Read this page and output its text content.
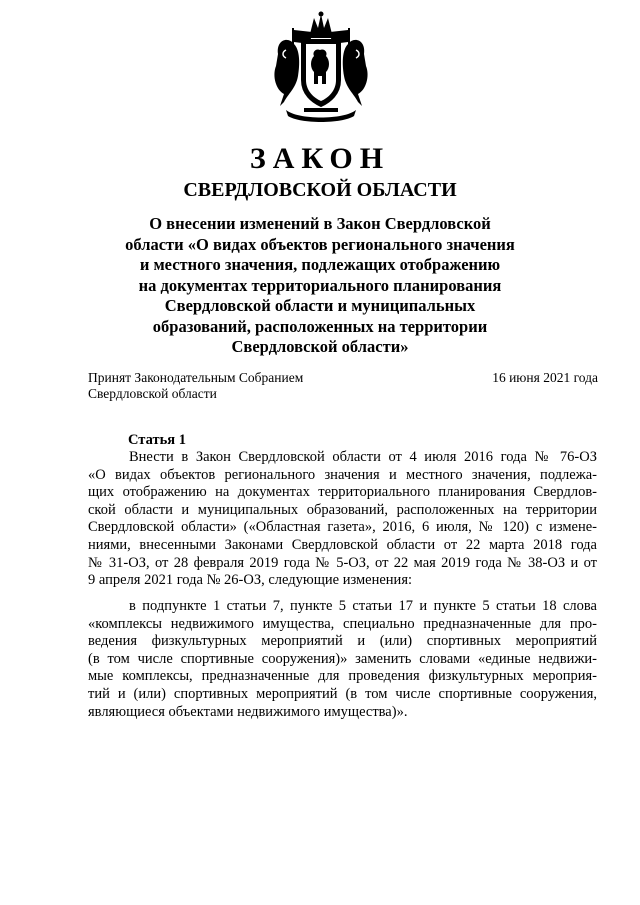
ЗАКОН
СВЕРДЛОВСКОЙ ОБЛАСТИ
О внесении изменений в Закон Свердловской
области «О видах объектов регионального значения
и местного значения, подлежащих отображению
на документах территориального планирования
Свердловской области и муниципальных
образований, расположенных на территории
Свердловской области»
Принят Законодательным Собранием
Свердловской области
16 июня 2021 года
Статья 1
Внести в Закон Свердловской области от 4 июля 2016 года № 76-ОЗ
«О видах объектов регионального значения и местного значения, подлежа-
щих отображению на документах территориального планирования Свердлов-
ской области и муниципальных образований, расположенных на территории
Свердловской области» («Областная газета», 2016, 6 июля, № 120) с измене-
ниями, внесенными Законами Свердловской области от 22 марта 2018 года
№ 31-ОЗ, от 28 февраля 2019 года № 5-ОЗ, от 22 мая 2019 года № 38-ОЗ и от
9 апреля 2021 года № 26-ОЗ, следующие изменения:
в подпункте 1 статьи 7, пункте 5 статьи 17 и пункте 5 статьи 18 слова
«комплексы недвижимого имущества, специально предназначенные для про-
ведения физкультурных мероприятий и (или) спортивных мероприятий
(в том числе спортивные сооружения)» заменить словами «единые недвижи-
мые комплексы, предназначенные для проведения физкультурных мероприя-
тий и (или) спортивных мероприятий (в том числе спортивные сооружения,
являющиеся объектами недвижимого имущества)».
